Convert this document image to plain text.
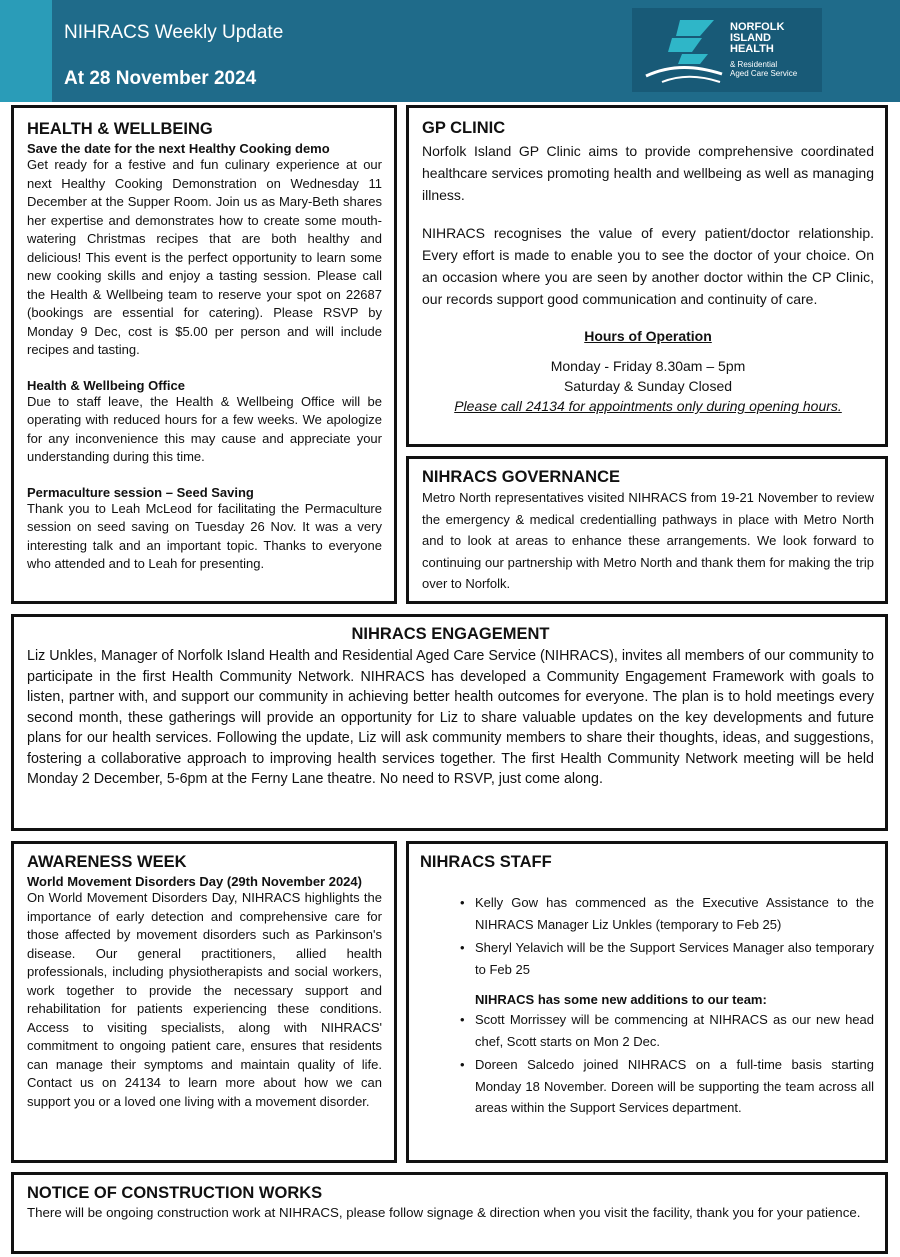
NIHRACS Weekly Update
At 28 November 2024
NORFOLK
ISLAND
HEALTH
& Residential
Aged Care Service
HEALTH & WELLBEING
Save the date for the next Healthy Cooking demo

Get ready for a festive and fun culinary experience at our next Healthy Cooking Demonstration on Wednesday 11 December at the Supper Room. Join us as Mary-Beth shares her expertise and demonstrates how to create some mouth-watering Christmas recipes that are both healthy and delicious! This event is the perfect opportunity to learn some new cooking skills and enjoy a tasting session. Please call the Health & Wellbeing team to reserve your spot on 22687 (bookings are essential for catering). Please RSVP by Monday 9 Dec, cost is $5.00 per person and will include recipes and tasting.

Health & Wellbeing Office

Due to staff leave, the Health & Wellbeing Office will be operating with reduced hours for a few weeks. We apologize for any inconvenience this may cause and appreciate your understanding during this time.

Permaculture session – Seed Saving

Thank you to Leah McLeod for facilitating the Permaculture session on seed saving on Tuesday 26 Nov. It was a very interesting talk and an important topic. Thanks to everyone who attended and to Leah for presenting.

GP CLINIC

Norfolk Island GP Clinic aims to provide comprehensive coordinated healthcare services promoting health and wellbeing as well as managing illness.

NIHRACS recognises the value of every patient/doctor relationship. Every effort is made to enable you to see the doctor of your choice. On an occasion where you are seen by another doctor within the CP Clinic, our records support good communication and continuity of care.

Hours of Operation
Monday - Friday 8.30am – 5pm
Saturday & Sunday Closed
Please call 24134 for appointments only during opening hours.
NIHRACS GOVERNANCE

Metro North representatives visited NIHRACS from 19-21 November to review the emergency & medical credentialling pathways in place with Metro North and to look at areas to enhance these arrangements. We look forward to continuing our partnership with Metro North and thank them for making the trip over to Norfolk.

NIHRACS ENGAGEMENT

Liz Unkles, Manager of Norfolk Island Health and Residential Aged Care Service (NIHRACS), invites all members of our community to participate in the first Health Community Network. NIHRACS has developed a Community Engagement Framework with goals to listen, partner with, and support our community in achieving better health outcomes for everyone. The plan is to hold meetings every second month, these gatherings will provide an opportunity for Liz to share valuable updates on the key developments and future plans for our health services. Following the update, Liz will ask community members to share their thoughts, ideas, and suggestions, fostering a collaborative approach to improving health services together. The first Health Community Network meeting will be held Monday 2 December, 5-6pm at the Ferny Lane theatre. No need to RSVP, just come along.

AWARENESS WEEK
World Movement Disorders Day (29th November 2024)

On World Movement Disorders Day, NIHRACS highlights the importance of early detection and comprehensive care for those affected by movement disorders such as Parkinson's disease. Our general practitioners, allied health professionals, including physiotherapists and social workers, work together to provide the necessary support and rehabilitation for patients experiencing these conditions. Access to visiting specialists, along with NIHRACS' commitment to ongoing patient care, ensures that residents can manage their symptoms and maintain quality of life. Contact us on 24134 to learn more about how we can support you or a loved one living with a movement disorder.

NIHRACS STAFF
• Kelly Gow has commenced as the Executive Assistance to the NIHRACS Manager Liz Unkles (temporary to Feb 25)
• Sheryl Yelavich will be the Support Services Manager also temporary to Feb 25
NIHRACS has some new additions to our team:
• Scott Morrissey will be commencing at NIHRACS as our new head chef, Scott starts on Mon 2 Dec.
• Doreen Salcedo joined NIHRACS on a full-time basis starting Monday 18 November. Doreen will be supporting the team across all areas within the Support Services department.
NOTICE OF CONSTRUCTION WORKS

There will be ongoing construction work at NIHRACS, please follow signage & direction when you visit the facility, thank you for your patience.
